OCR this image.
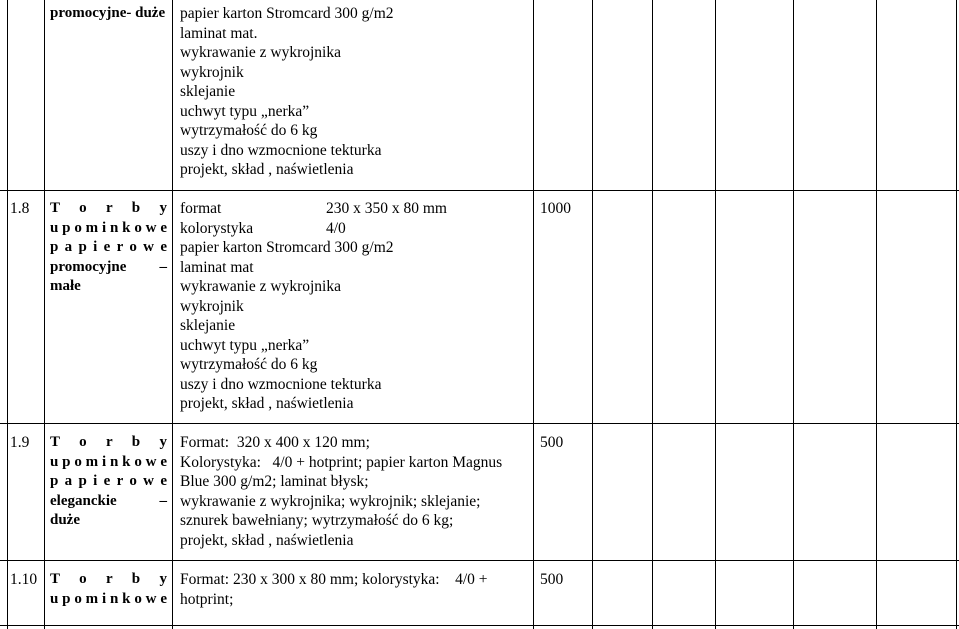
promocyjne- duże papier karton Stromcard 300 g/m2
laminat mat.
wykrawanie z wykrojnika
wykrojnik
sklejanie
uchwyt typu „nerka”
wytrzymałość do 6 kg
uszy i dno wzmocnione tekturka
projekt, skład , naświetlenia
1.8 T o r b y
u p o m i n k o w e
p a p i e r o w e
promocyjne –
małe
format	230 x 350 x 80 mm
kolorystyka	4/0
papier karton Stromcard 300 g/m2
laminat mat
wykrawanie z wykrojnika
wykrojnik
sklejanie
uchwyt typu „nerka”
wytrzymałość do 6 kg
uszy i dno wzmocnione tekturka
projekt, skład , naświetlenia
1000
1.9 T o r b y
u p o m i n k o w e
p a p i e r o w e
eleganckie –
duże
Format:  320 x 400 x 120 mm;
Kolorystyka:   4/0 + hotprint; papier karton Magnus
Blue 300 g/m2; laminat błysk;
wykrawanie z wykrojnika; wykrojnik; sklejanie;
sznurek bawełniany; wytrzymałość do 6 kg;
projekt, skład , naświetlenia
500
1.10 T o r b y
u p o m i n k o w e
Format: 230 x 300 x 80 mm; kolorystyka:    4/0 +
hotprint;
500
